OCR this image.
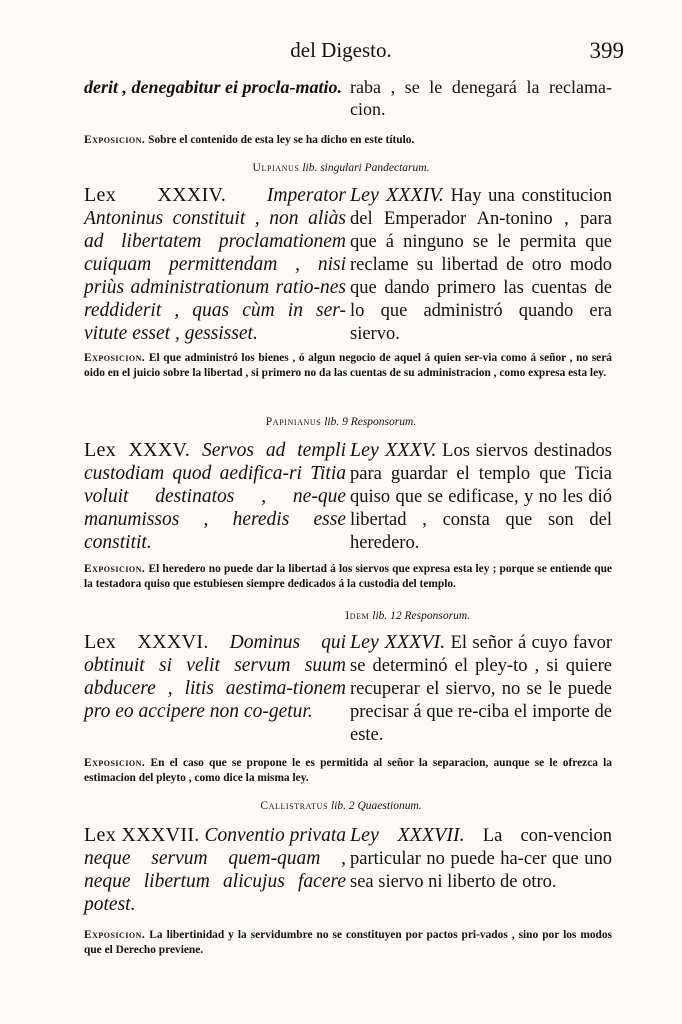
del Digesto.	399
derit , denegabitur ei procla-matio. raba , se le denegará la reclama-cion.
Exposicion. Sobre el contenido de esta ley se ha dicho en este título.
Ulpianus lib. singulari Pandectarum.
Lex XXXIV. Imperator Antoninus constituit , non aliàs ad libertatem proclamationem cuiquam permittendam , nisi priùs administrationum ratio-nes reddiderit , quas cùm in ser-vitute esset , gessisset.
Ley XXXIV. Hay una constitucion del Emperador An-tonino , para que á ninguno se le permita que reclame su libertad de otro modo que dando primero las cuentas de lo que administró quando era siervo.
Exposicion. El que administró los bienes , ó algun negocio de aquel á quien ser-via como á señor , no será oido en el juicio sobre la libertad , si primero no da las cuentas de su administracion , como expresa esta ley.
Papinianus lib. 9 Responsorum.
Lex XXXV. Servos ad templi custodiam quod aedifica-ri Titia voluit destinatos , ne-que manumissos , heredis esse constitit.
Ley XXXV. Los siervos destinados para guardar el templo que Ticia quiso que se edificase, y no les dió libertad , consta que son del heredero.
Exposicion. El heredero no puede dar la libertad á los siervos que expresa esta ley ; porque se entiende que la testadora quiso que estubiesen siempre dedicados á la custodia del templo.
Idem lib. 12 Responsorum.
Lex XXXVI. Dominus qui obtinuit si velit servum suum abducere , litis aestima-tionem pro eo accipere non co-getur.
Ley XXXVI. El señor á cuyo favor se determinó el pley-to , si quiere recuperar el siervo, no se le puede precisar á que re-ciba el importe de este.
Exposicion. En el caso que se propone le es permitida al señor la separacion, aunque se le ofrezca la estimacion del pleyto , como dice la misma ley.
Callistratus lib. 2 Quaestionum.
Lex XXXVII. Conventio privata neque servum quem-quam , neque libertum alicujus facere potest.
Ley XXXVII. La con-vencion particular no puede ha-cer que uno sea siervo ni liberto de otro.
Exposicion. La libertinidad y la servidumbre no se constituyen por pactos pri-vados , sino por los modos que el Derecho previene.
